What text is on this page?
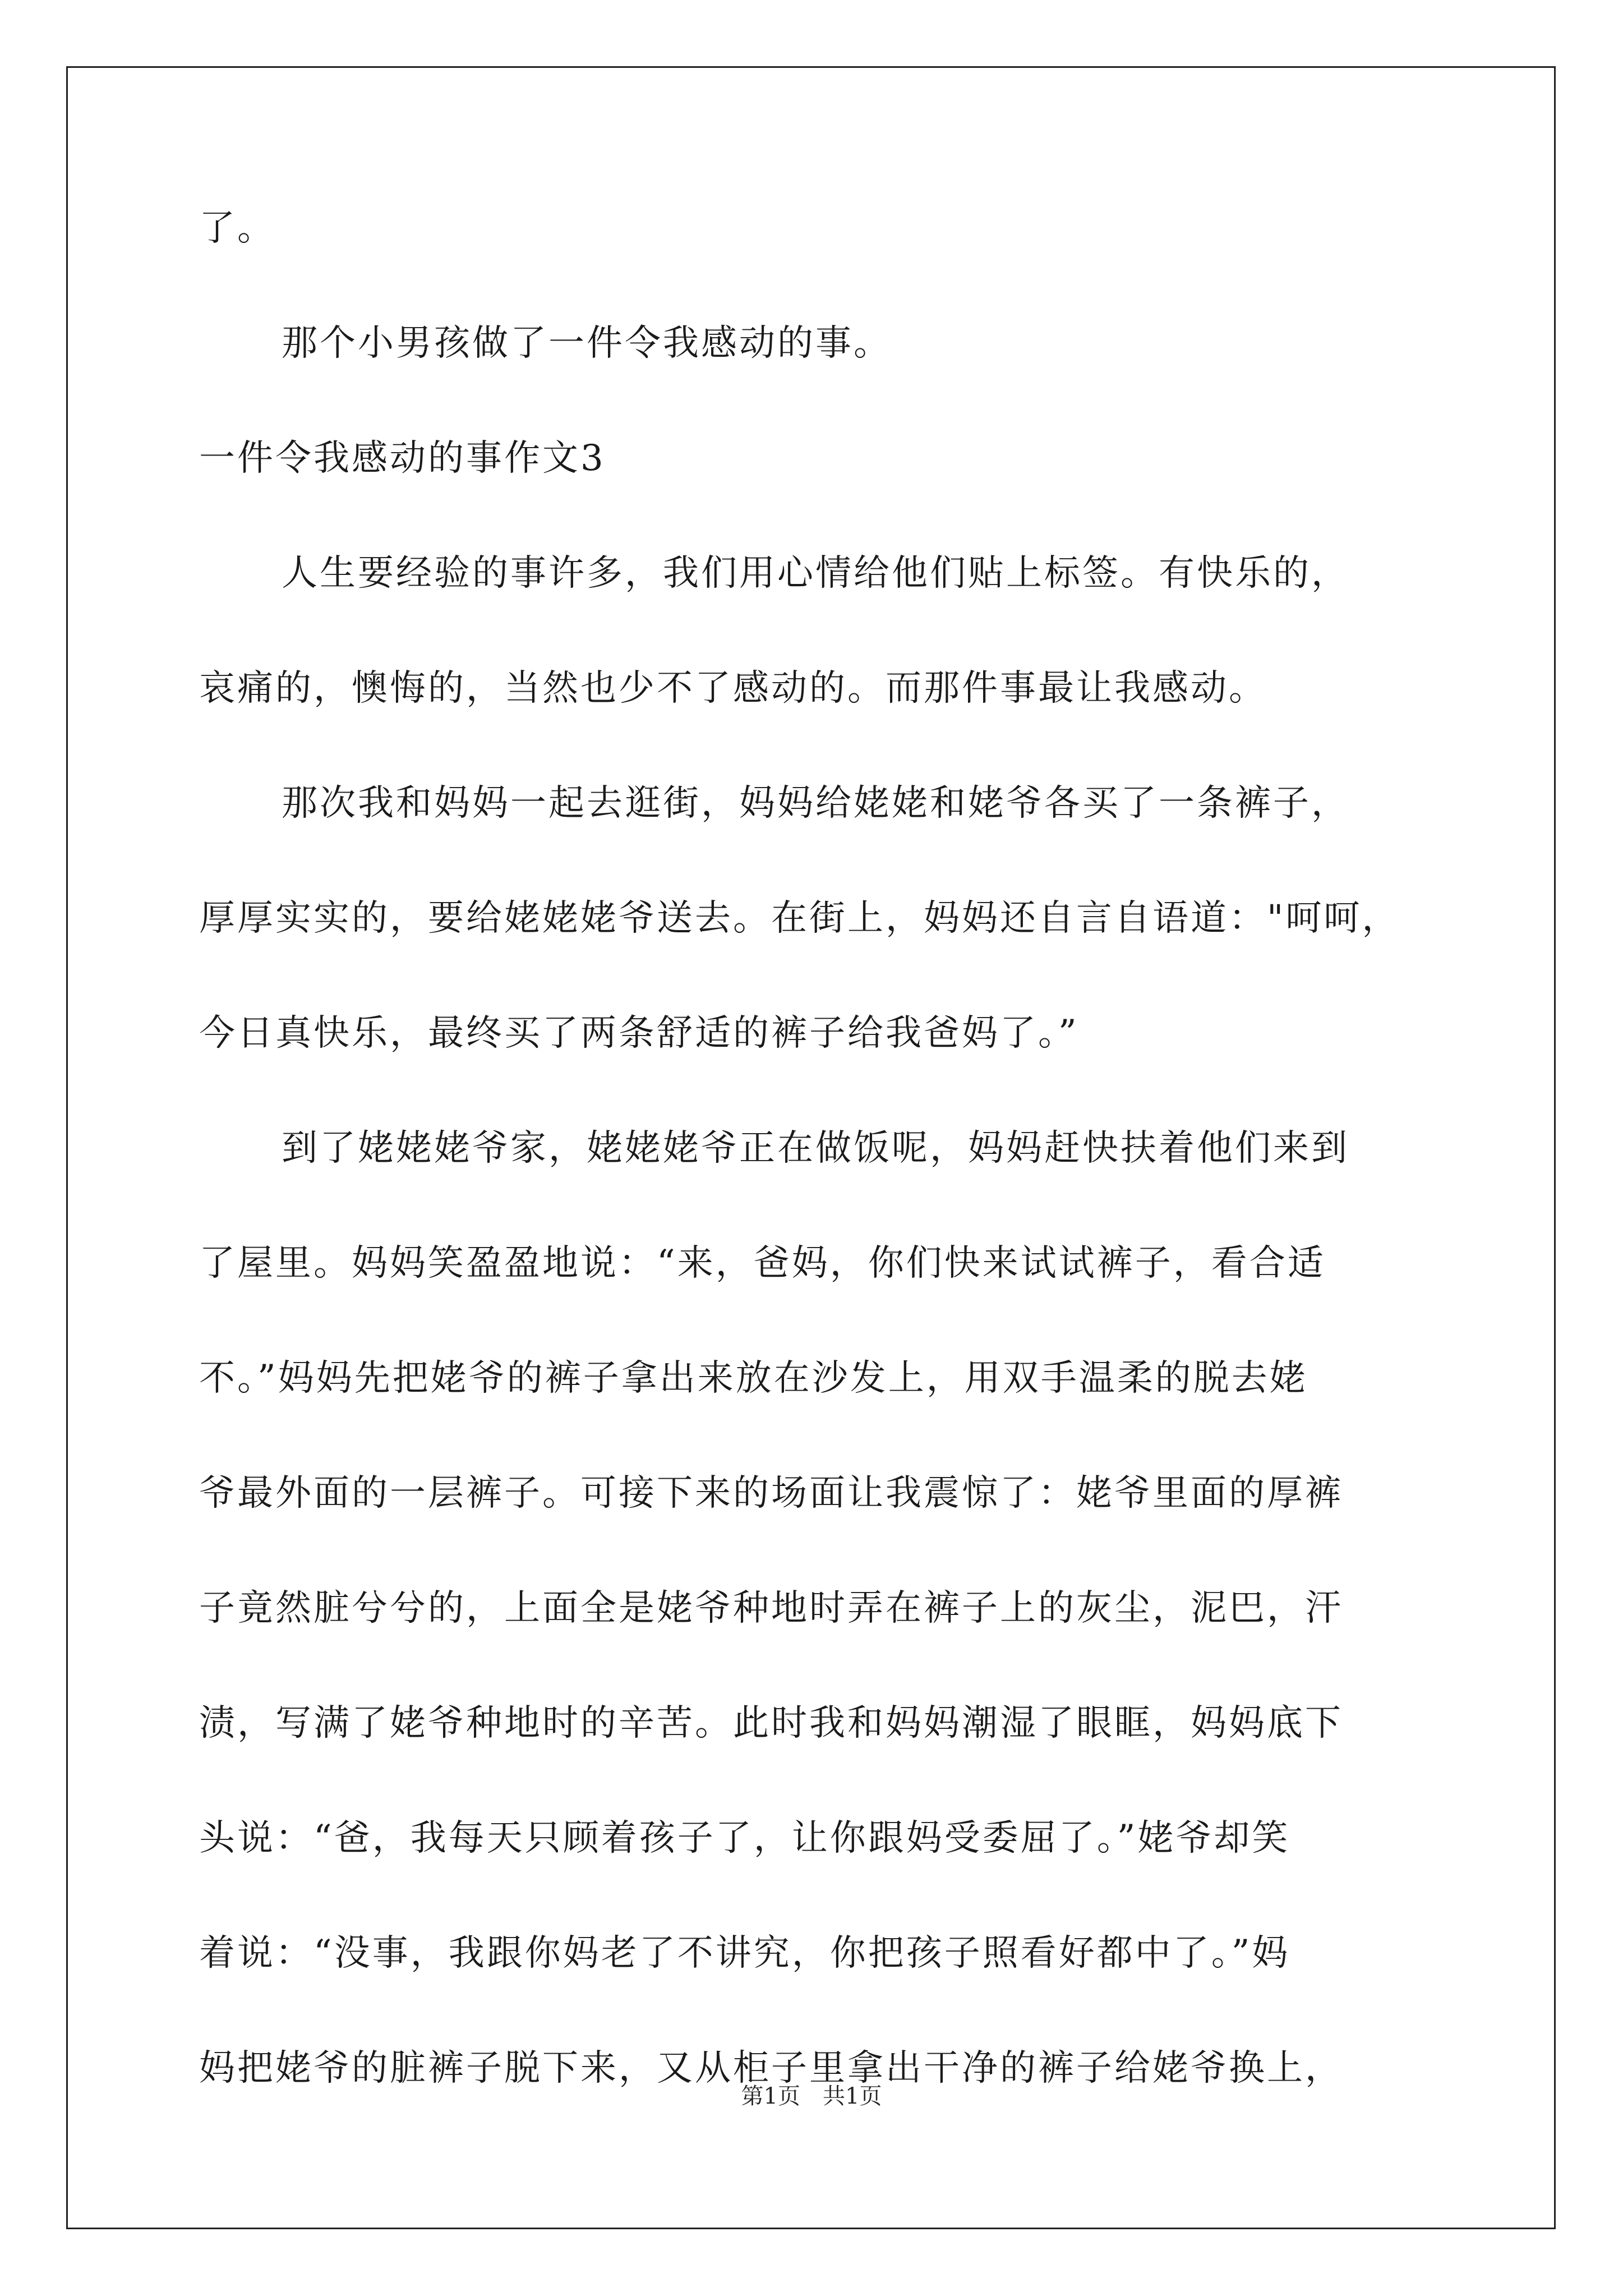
了。
那个小男孩做了一件令我感动的事。
一件令我感动的事作文3
人生要经验的事许多，我们用心情给他们贴上标签。有快乐的，
哀痛的，懊悔的，当然也少不了感动的。而那件事最让我感动。
那次我和妈妈一起去逛街，妈妈给姥姥和姥爷各买了一条裤子，
厚厚实实的，要给姥姥姥爷送去。在街上，妈妈还自言自语道："呵呵，
今日真快乐，最终买了两条舒适的裤子给我爸妈了。”
到了姥姥姥爷家，姥姥姥爷正在做饭呢，妈妈赶快扶着他们来到
了屋里。妈妈笑盈盈地说：“来，爸妈，你们快来试试裤子，看合适
不。”妈妈先把姥爷的裤子拿出来放在沙发上，用双手温柔的脱去姥
爷最外面的一层裤子。可接下来的场面让我震惊了：姥爷里面的厚裤
子竟然脏兮兮的，上面全是姥爷种地时弄在裤子上的灰尘，泥巴，汗
渍，写满了姥爷种地时的辛苦。此时我和妈妈潮湿了眼眶，妈妈底下
头说：“爸，我每天只顾着孩子了，让你跟妈受委屈了。”姥爷却笑
着说：“没事，我跟你妈老了不讲究，你把孩子照看好都中了。”妈
妈把姥爷的脏裤子脱下来，又从柜子里拿出干净的裤子给姥爷换上，
第1页 共1页
